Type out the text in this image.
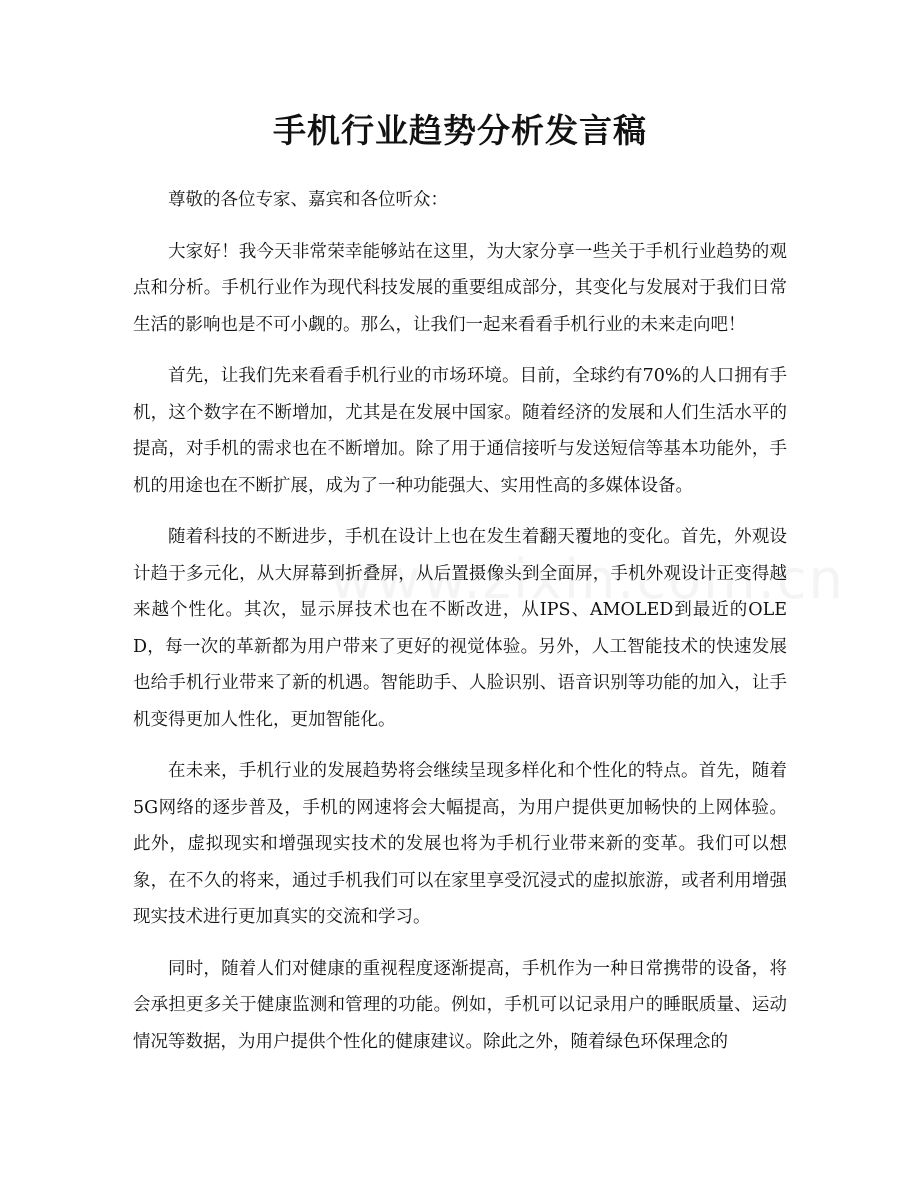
手机行业趋势分析发言稿

尊敬的各位专家、嘉宾和各位听众：

大家好！我今天非常荣幸能够站在这里，为大家分享一些关于手机行业趋势的观点和分析。手机行业作为现代科技发展的重要组成部分，其变化与发展对于我们日常生活的影响也是不可小觑的。那么，让我们一起来看看手机行业的未来走向吧！

首先，让我们先来看看手机行业的市场环境。目前，全球约有70%的人口拥有手机，这个数字在不断增加，尤其是在发展中国家。随着经济的发展和人们生活水平的提高，对手机的需求也在不断增加。除了用于通信接听与发送短信等基本功能外，手机的用途也在不断扩展，成为了一种功能强大、实用性高的多媒体设备。

随着科技的不断进步，手机在设计上也在发生着翻天覆地的变化。首先，外观设计趋于多元化，从大屏幕到折叠屏，从后置摄像头到全面屏，手机外观设计正变得越来越个性化。其次，显示屏技术也在不断改进，从IPS、AMOLED到最近的OLED，每一次的革新都为用户带来了更好的视觉体验。另外，人工智能技术的快速发展也给手机行业带来了新的机遇。智能助手、人脸识别、语音识别等功能的加入，让手机变得更加人性化，更加智能化。

在未来，手机行业的发展趋势将会继续呈现多样化和个性化的特点。首先，随着5G网络的逐步普及，手机的网速将会大幅提高，为用户提供更加畅快的上网体验。此外，虚拟现实和增强现实技术的发展也将为手机行业带来新的变革。我们可以想象，在不久的将来，通过手机我们可以在家里享受沉浸式的虚拟旅游，或者利用增强现实技术进行更加真实的交流和学习。

同时，随着人们对健康的重视程度逐渐提高，手机作为一种日常携带的设备，将会承担更多关于健康监测和管理的功能。例如，手机可以记录用户的睡眠质量、运动情况等数据，为用户提供个性化的健康建议。除此之外，随着绿色环保理念的
